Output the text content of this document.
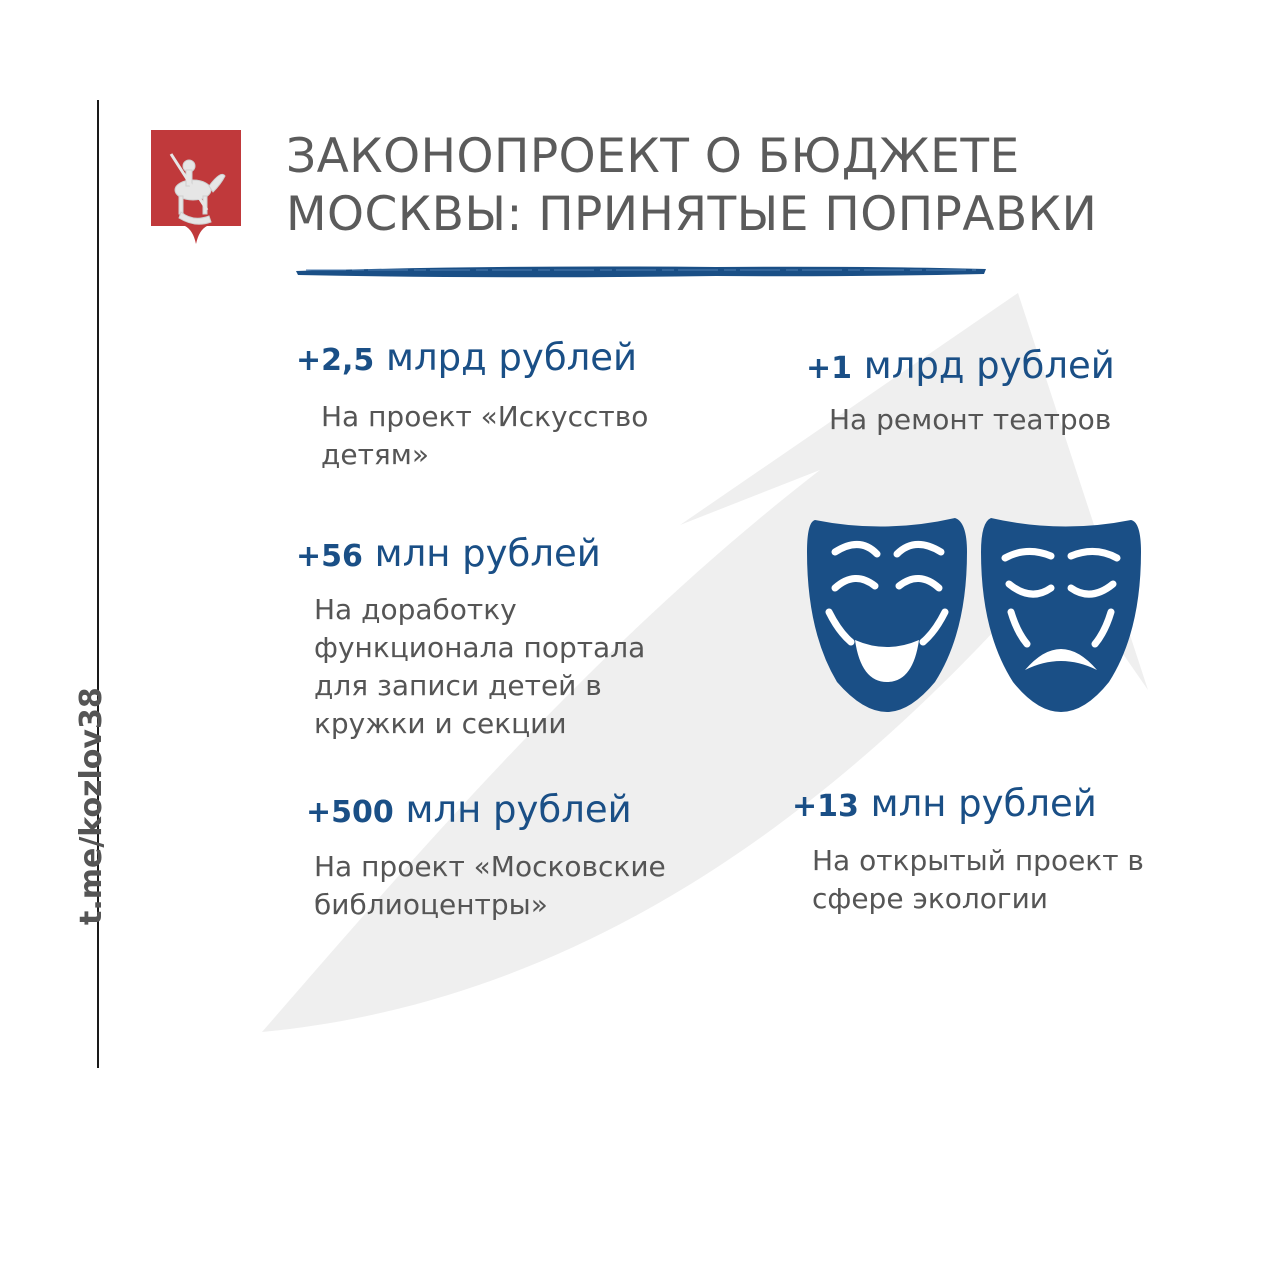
t.me/kozlov38
ЗАКОНОПРОЕКТ О БЮДЖЕТЕ
МОСКВЫ: ПРИНЯТЫЕ ПОПРАВКИ
+2,5 млрд рублей
На проект «Искусство
детям»
+1 млрд рублей
На ремонт театров
+56 млн рублей
На доработку
функционала портала
для записи детей в
кружки и секции
+500 млн рублей
На проект «Московские
библиоцентры»
+13 млн рублей
На открытый проект в
сфере экологии
